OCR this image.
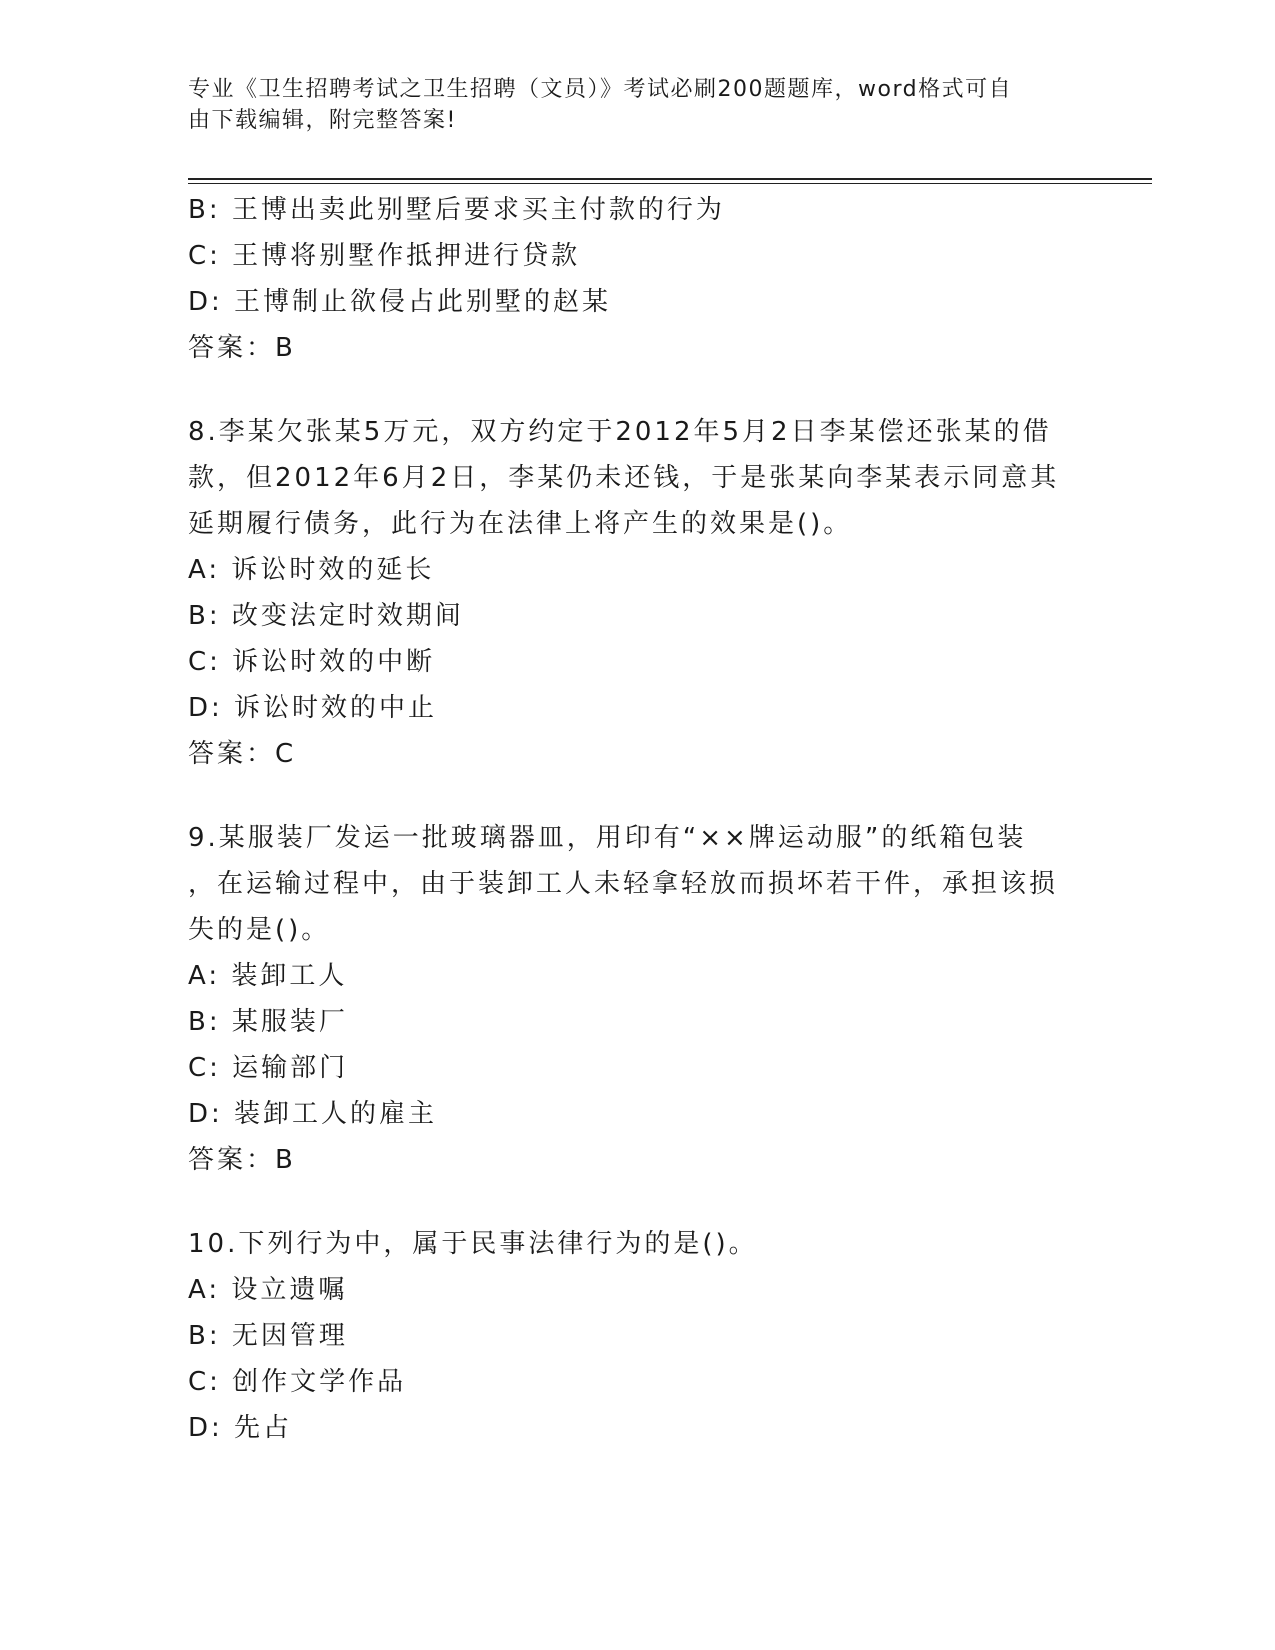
专业《卫生招聘考试之卫生招聘（文员）》考试必刷200题题库，word格式可自
由下载编辑，附完整答案!
B: 王博出卖此别墅后要求买主付款的行为
C: 王博将别墅作抵押进行贷款
D: 王博制止欲侵占此别墅的赵某
答案：B
8.李某欠张某5万元，双方约定于2012年5月2日李某偿还张某的借
款，但2012年6月2日，李某仍未还钱，于是张某向李某表示同意其
延期履行债务，此行为在法律上将产生的效果是()。
A: 诉讼时效的延长
B: 改变法定时效期间
C: 诉讼时效的中断
D: 诉讼时效的中止
答案：C
9.某服装厂发运一批玻璃器皿，用印有“××牌运动服”的纸箱包装
，在运输过程中，由于装卸工人未轻拿轻放而损坏若干件，承担该损
失的是()。
A: 装卸工人
B: 某服装厂
C: 运输部门
D: 装卸工人的雇主
答案：B
10.下列行为中，属于民事法律行为的是()。
A: 设立遗嘱
B: 无因管理
C: 创作文学作品
D: 先占
